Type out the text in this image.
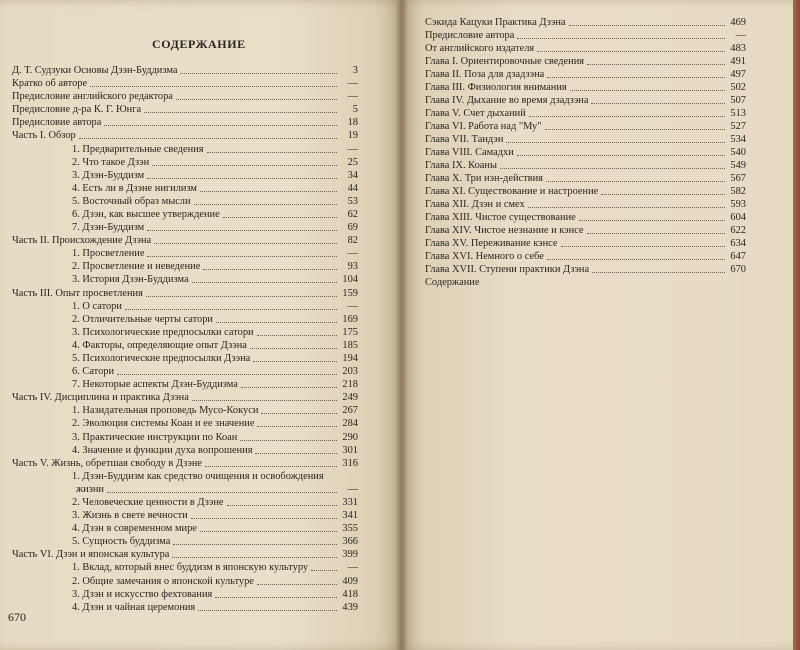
СОДЕРЖАНИЕ
Д. Т. Судзуки Основы Дзэн-Буддизма	3
Кратко об авторе	—
Предисловие английского редактора	—
Предисловие д-ра К. Г. Юнга	5
Предисловие автора	18
Часть I. Обзор	19
1. Предварительные сведения	—
2. Что такое Дзэн	25
3. Дзэн-Буддизм	34
4. Есть ли в Дзэне нигилизм	44
5. Восточный образ мысли	53
6. Дзэн, как высшее утверждение	62
7. Дзэн-Буддизм	69
Часть II. Происхождение Дзэна	82
1. Просветление	—
2. Просветление и неведение	93
3. История Дзэн-Буддизма	104
Часть III. Опыт просветления	159
1. О сатори	—
2. Отличительные черты сатори	169
3. Психологические предпосылки сатори	175
4. Факторы, определяющие опыт Дзэна	185
5. Психологические предпосылки Дзэна	194
6. Сатори	203
7. Некоторые аспекты Дзэн-Буддизма	218
Часть IV. Дисциплина и практика Дзэна	249
1. Назидательная проповедь Мусо-Кокуси	267
2. Эволюция системы Коан и ее значение	284
3. Практические инструкции по Коан	290
4. Значение и функции духа вопрошения	301
Часть V. Жизнь, обретшая свободу в Дзэне	316
1. Дзэн-Буддизм как средство очищения и освобождения
жизни	—
2. Человеческие ценности в Дзэне	331
3. Жизнь в свете вечности	341
4. Дзэн в современном мире	355
5. Сущность буддизма	366
Часть VI. Дзэн и японская культура	399
1. Вклад, который внес буддизм в японскую культуру	—
2. Общие замечания о японской культуре	409
3. Дзэн и искусство фехтования	418
4. Дзэн и чайная церемония	439
670
Сэкида Кацуки Практика Дзэна	469
Предисловие автора	—
От английского издателя	483
Глава I. Ориентировочные сведения	491
Глава II. Поза для дзадзэна	497
Глава III. Физиология внимания	502
Глава IV. Дыхание во время дзадзэна	507
Глава V. Счет дыханий	513
Глава VI. Работа над "Му"	527
Глава VII. Тандэн	534
Глава VIII. Самадхи	540
Глава IX. Коаны	549
Глава X. Три нэн-действия	567
Глава XI. Существование и настроение	582
Глава XII. Дзэн и смех	593
Глава XIII. Чистое существование	604
Глава XIV. Чистое незнание и кэнсе	622
Глава XV. Переживание кэнсе	634
Глава XVI. Немного о себе	647
Глава XVII. Ступени практики Дзэна	670
Содержание
